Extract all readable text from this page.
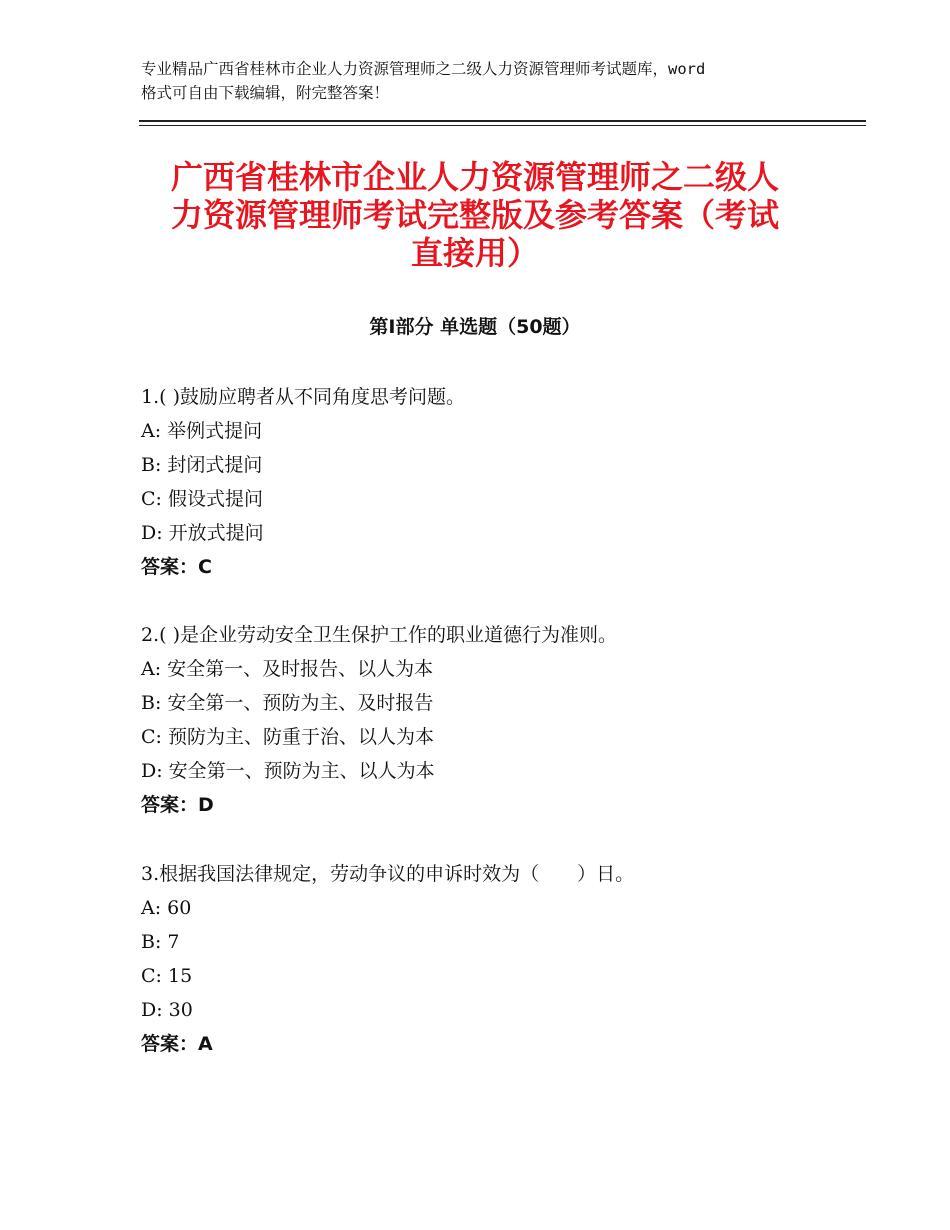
专业精品广西省桂林市企业人力资源管理师之二级人力资源管理师考试题库，word
格式可自由下载编辑，附完整答案！
广西省桂林市企业人力资源管理师之二级人
力资源管理师考试完整版及参考答案（考试
直接用）
第Ⅰ部分 单选题（50题）
1.( )鼓励应聘者从不同角度思考问题。
A: 举例式提问
B: 封闭式提问
C: 假设式提问
D: 开放式提问
答案：C
2.( )是企业劳动安全卫生保护工作的职业道德行为准则。
A: 安全第一、及时报告、以人为本
B: 安全第一、预防为主、及时报告
C: 预防为主、防重于治、以人为本
D: 安全第一、预防为主、以人为本
答案：D
3.根据我国法律规定，劳动争议的申诉时效为（　　）日。
A: 60
B: 7
C: 15
D: 30
答案：A
